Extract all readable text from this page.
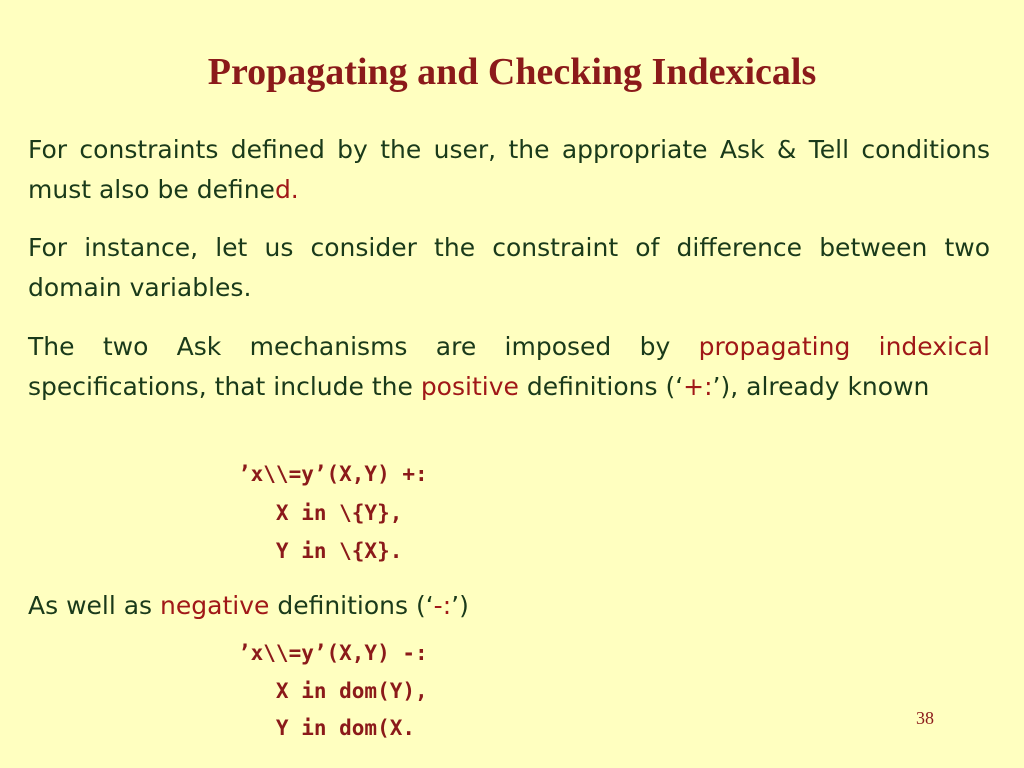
Propagating and Checking Indexicals
For constraints defined by the user, the appropriate Ask & Tell conditions must also be defined.
For instance, let us consider the constraint of difference between two domain variables.
The two Ask mechanisms are imposed by propagating indexical specifications, that include the positive definitions (‘+:’), already known
’x\\=y’(X,Y) +:
X in \{Y},
Y in \{X}.
As well as negative definitions (‘-:’)
’x\\=y’(X,Y) -:
X in dom(Y),
Y in dom(X.	38
